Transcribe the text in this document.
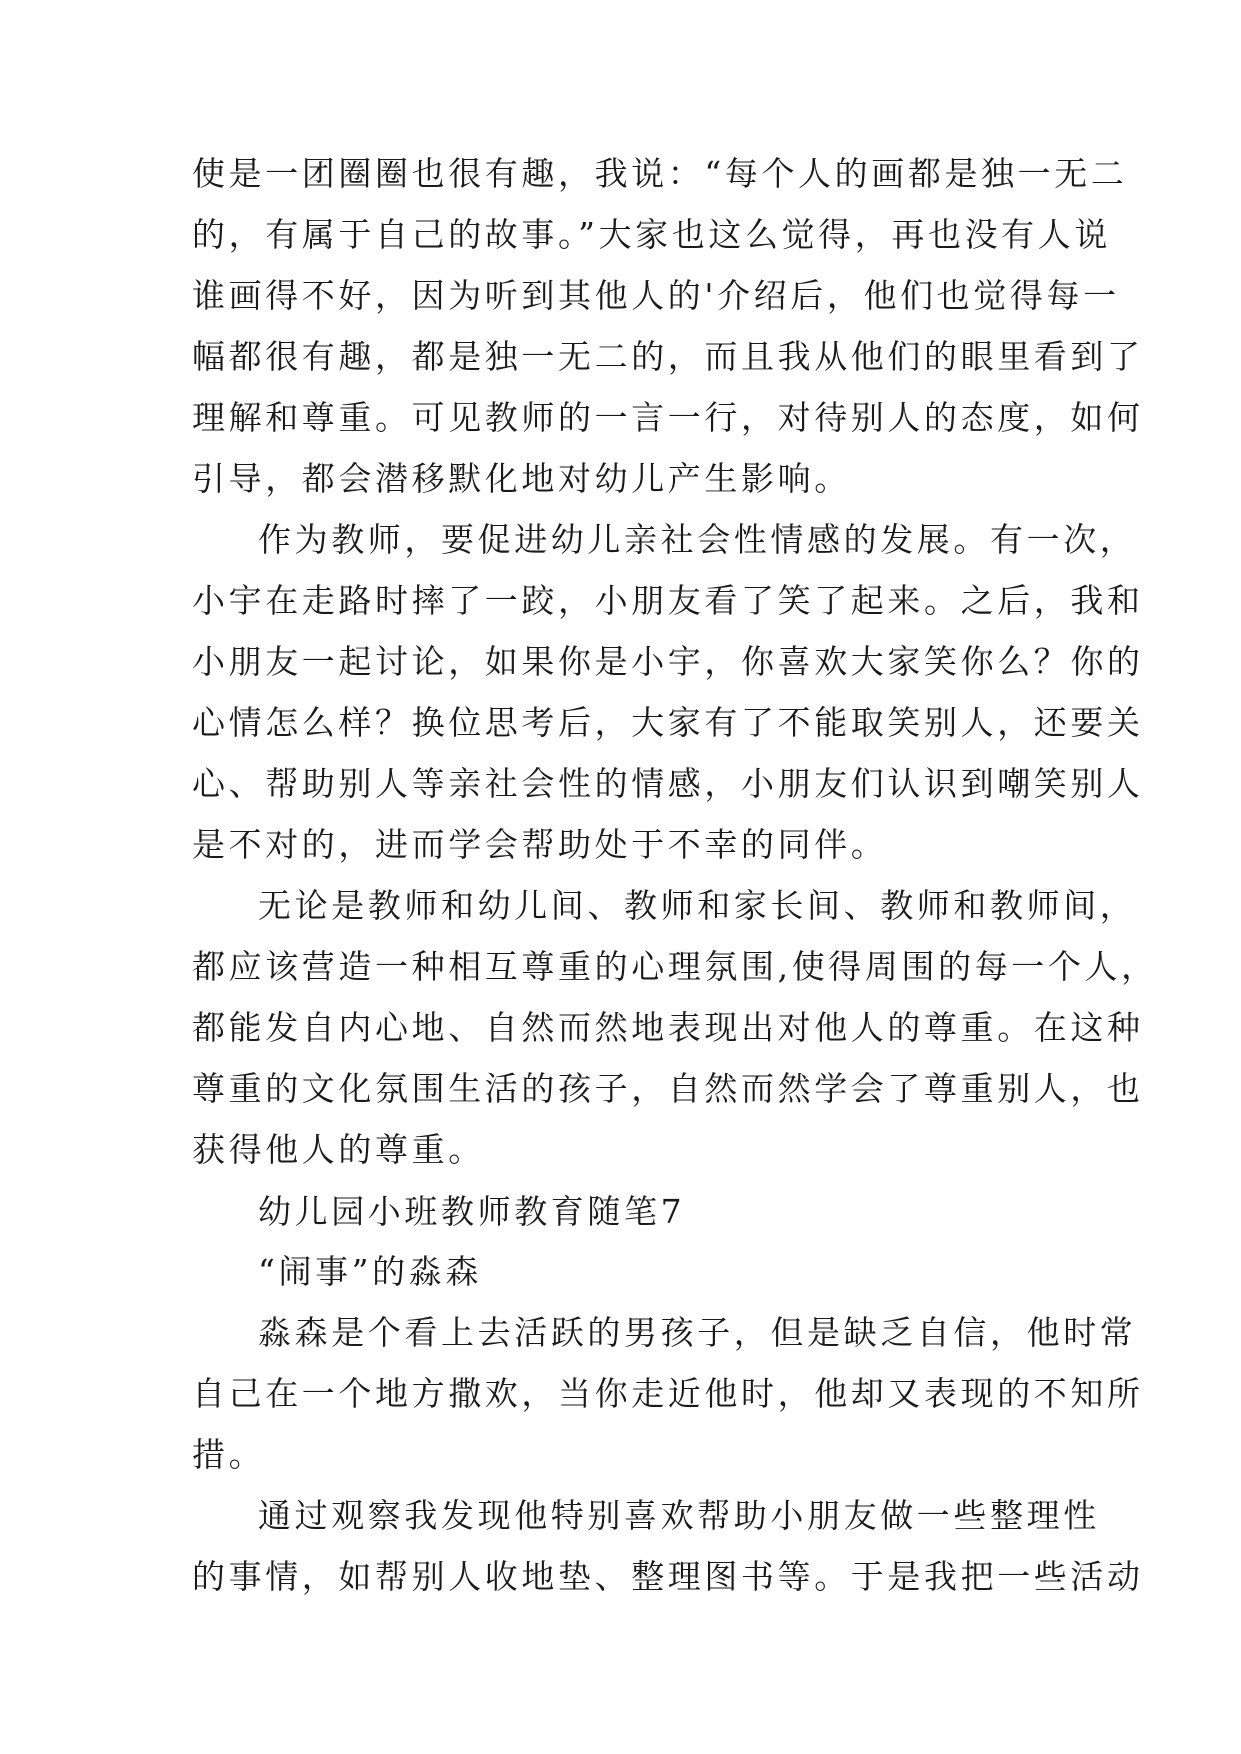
使是一团圈圈也很有趣，我说：“每个人的画都是独一无二
的，有属于自己的故事。”大家也这么觉得，再也没有人说
谁画得不好，因为听到其他人的'介绍后，他们也觉得每一
幅都很有趣，都是独一无二的，而且我从他们的眼里看到了
理解和尊重。可见教师的一言一行，对待别人的态度，如何
引导，都会潜移默化地对幼儿产生影响。
作为教师，要促进幼儿亲社会性情感的发展。有一次，
小宇在走路时摔了一跤，小朋友看了笑了起来。之后，我和
小朋友一起讨论，如果你是小宇，你喜欢大家笑你么？你的
心情怎么样？换位思考后，大家有了不能取笑别人，还要关
心、帮助别人等亲社会性的情感，小朋友们认识到嘲笑别人
是不对的，进而学会帮助处于不幸的同伴。
无论是教师和幼儿间、教师和家长间、教师和教师间，
都应该营造一种相互尊重的心理氛围,使得周围的每一个人，
都能发自内心地、自然而然地表现出对他人的尊重。在这种
尊重的文化氛围生活的孩子，自然而然学会了尊重别人，也
获得他人的尊重。
幼儿园小班教师教育随笔7
“闹事”的淼森
淼森是个看上去活跃的男孩子，但是缺乏自信，他时常
自己在一个地方撒欢，当你走近他时，他却又表现的不知所
措。
通过观察我发现他特别喜欢帮助小朋友做一些整理性
的事情，如帮别人收地垫、整理图书等。于是我把一些活动
